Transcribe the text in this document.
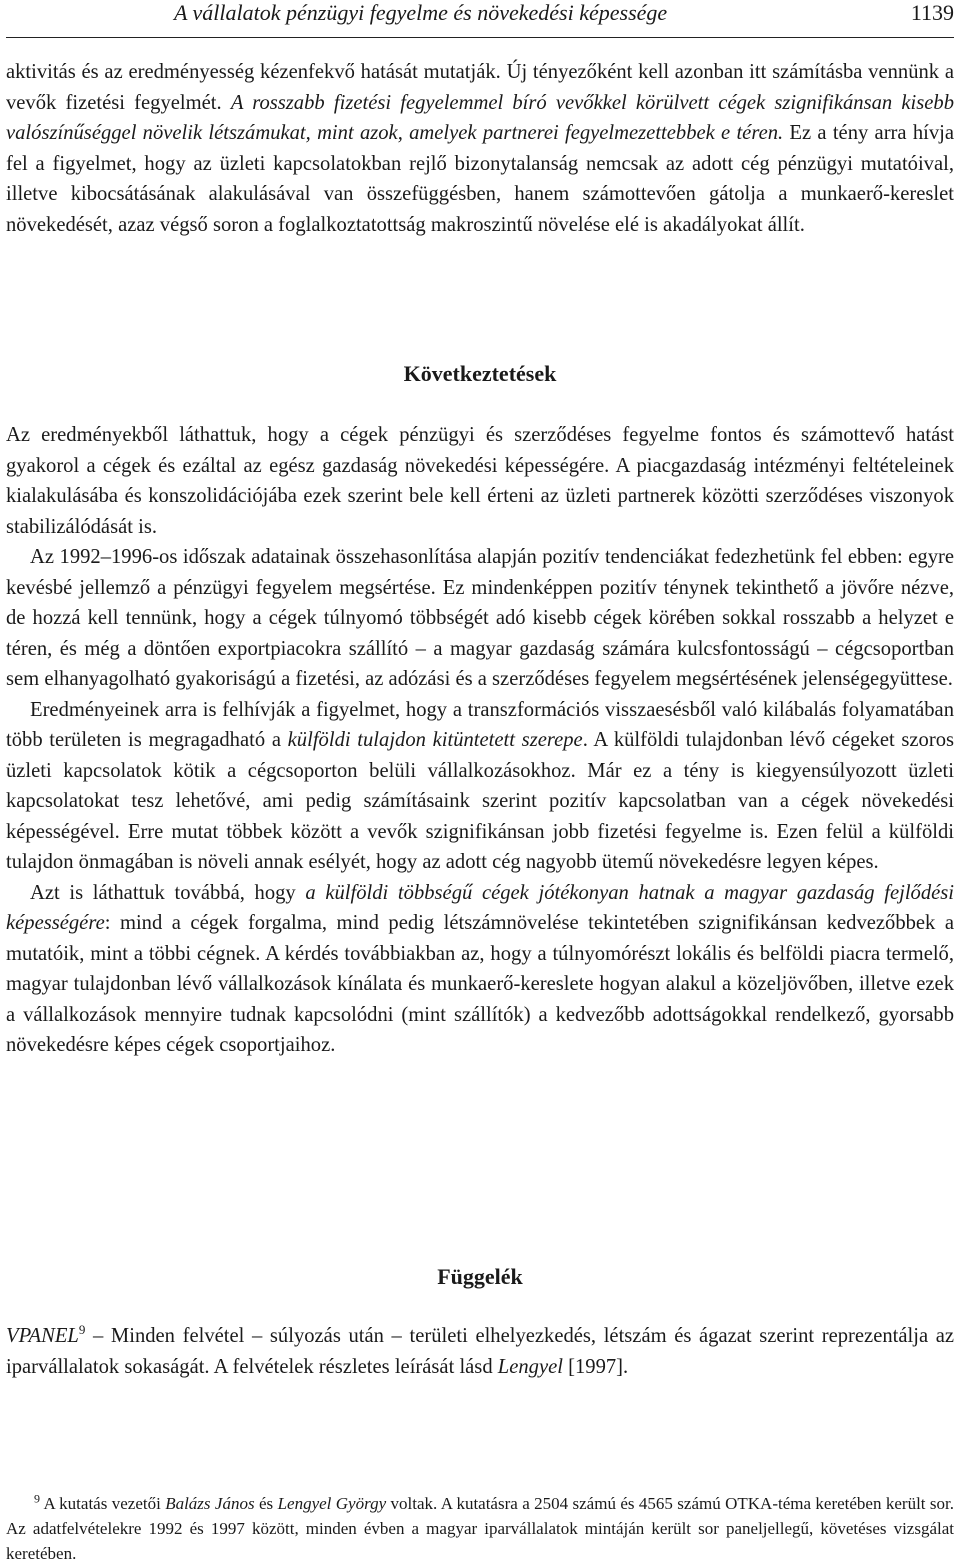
A vállalatok pénzügyi fegyelme és növekedési képessége	1139

aktivitás és az eredményesség kézenfekvő hatását mutatják. Új tényezőként kell azonban itt számításba vennünk a vevők fizetési fegyelmét. A rosszabb fizetési fegyelemmel bíró vevőkkel körülvett cégek szignifikánsan kisebb valószínűséggel növelik létszámukat, mint azok, amelyek partnerei fegyelmezettebbek e téren. Ez a tény arra hívja fel a figyelmet, hogy az üzleti kapcsolatokban rejlő bizonytalanság nemcsak az adott cég pénzügyi mutatóival, illetve kibocsátásának alakulásával van összefüggésben, hanem számottevően gátolja a munkaerő-kereslet növekedését, azaz végső soron a foglalkoztatottság makroszintű növelése elé is akadályokat állít.

Következtetések

Az eredményekből láthattuk, hogy a cégek pénzügyi és szerződéses fegyelme fontos és számottevő hatást gyakorol a cégek és ezáltal az egész gazdaság növekedési képességére. A piacgazdaság intézményi feltételeinek kialakulásába és konszolidációjába ezek szerint bele kell érteni az üzleti partnerek közötti szerződéses viszonyok stabilizálódását is.

Az 1992–1996-os időszak adatainak összehasonlítása alapján pozitív tendenciákat fedezhetünk fel ebben: egyre kevésbé jellemző a pénzügyi fegyelem megsértése. Ez mindenképpen pozitív ténynek tekinthető a jövőre nézve, de hozzá kell tennünk, hogy a cégek túlnyomó többségét adó kisebb cégek körében sokkal rosszabb a helyzet e téren, és még a döntően exportpiacokra szállító – a magyar gazdaság számára kulcsfontosságú – cégcsoportban sem elhanyagolható gyakoriságú a fizetési, az adózási és a szerződéses fegyelem megsértésének jelenségegyüttese.

Eredményeinek arra is felhívják a figyelmet, hogy a transzformációs visszaesésből való kilábalás folyamatában több területen is megragadható a külföldi tulajdon kitüntetett szerepe. A külföldi tulajdonban lévő cégeket szoros üzleti kapcsolatok kötik a cégcsoporton belüli vállalkozásokhoz. Már ez a tény is kiegyensúlyozott üzleti kapcsolatokat tesz lehetővé, ami pedig számításaink szerint pozitív kapcsolatban van a cégek növekedési képességével. Erre mutat többek között a vevők szignifikánsan jobb fizetési fegyelme is. Ezen felül a külföldi tulajdon önmagában is növeli annak esélyét, hogy az adott cég nagyobb ütemű növekedésre legyen képes.

Azt is láthattuk továbbá, hogy a külföldi többségű cégek jótékonyan hatnak a magyar gazdaság fejlődési képességére: mind a cégek forgalma, mind pedig létszámnövelése tekintetében szignifikánsan kedvezőbbek a mutatóik, mint a többi cégnek. A kérdés továbbiakban az, hogy a túlnyomórészt lokális és belföldi piacra termelő, magyar tulajdonban lévő vállalkozások kínálata és munkaerő-kereslete hogyan alakul a közeljövőben, illetve ezek a vállalkozások mennyire tudnak kapcsolódni (mint szállítók) a kedvezőbb adottságokkal rendelkező, gyorsabb növekedésre képes cégek csoportjaihoz.

Függelék

VPANEL$^9$ – Minden felvétel – súlyozás után – területi elhelyezkedés, létszám és ágazat szerint reprezentálja az iparvállalatok sokaságát. A felvételek részletes leírását lásd Lengyel [1997].

$^9$ A kutatás vezetői Balázs János és Lengyel György voltak. A kutatásra a 2504 számú és 4565 számú OTKA-téma keretében került sor. Az adatfelvételekre 1992 és 1997 között, minden évben a magyar iparvállalatok mintáján került sor paneljellegű, követéses vizsgálat keretében.
